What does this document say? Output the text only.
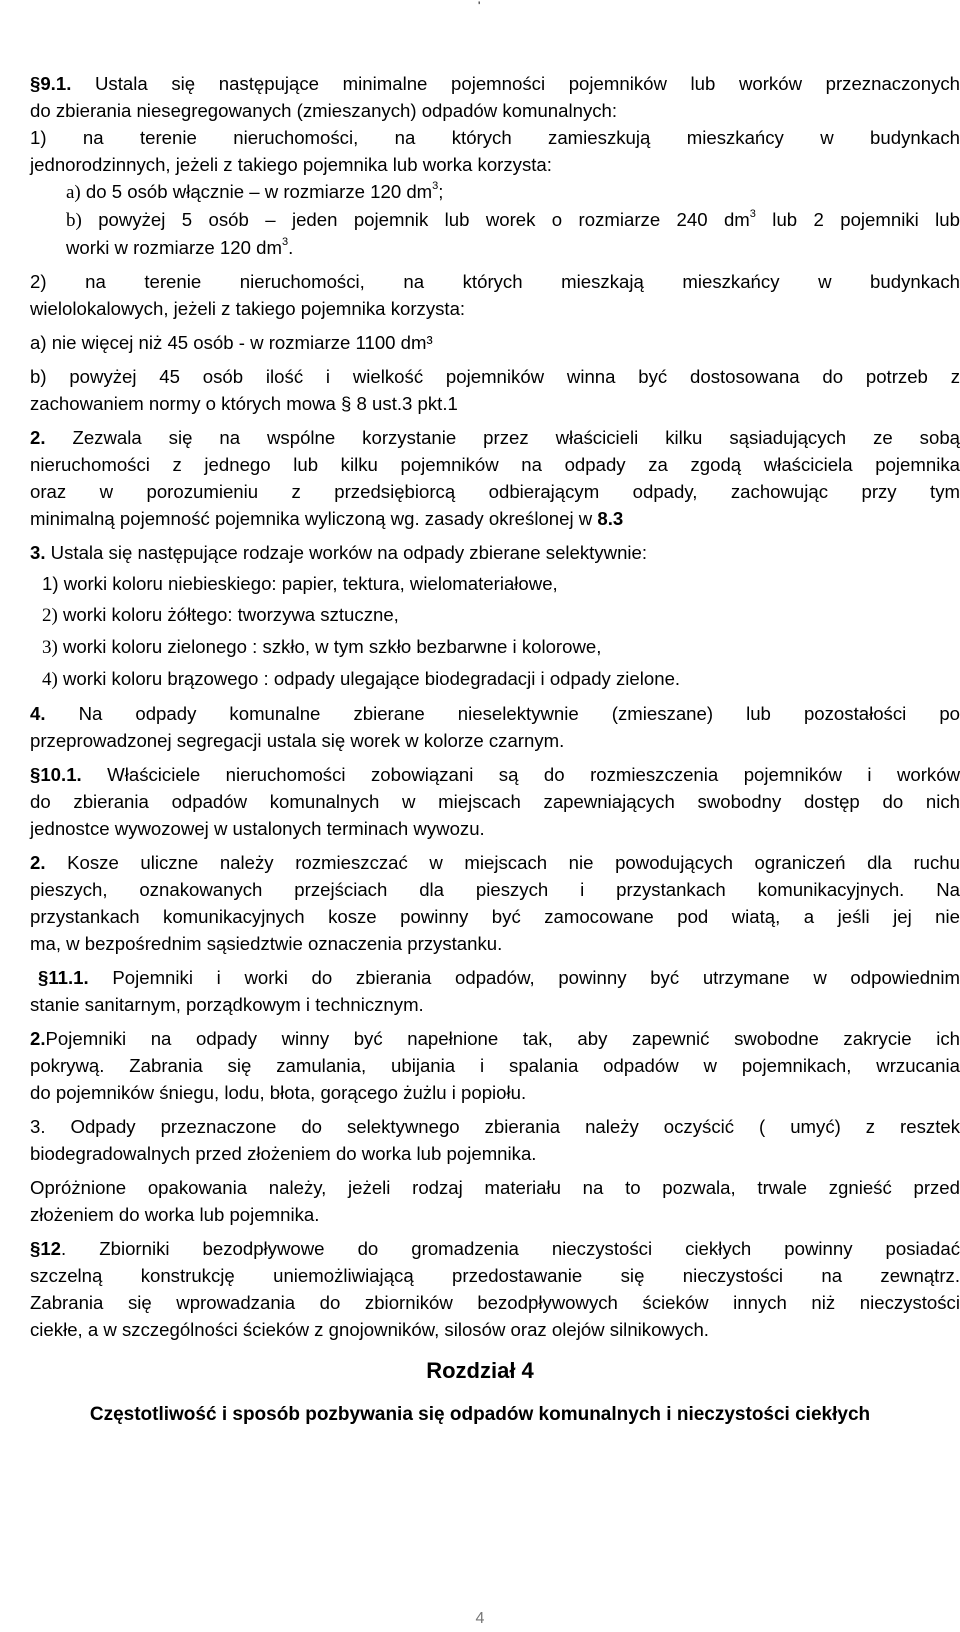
'

§9.1. Ustala się następujące minimalne pojemności pojemników lub worków przeznaczonych

do zbierania niesegregowanych (zmieszanych) odpadów komunalnych:

1) na terenie nieruchomości, na których zamieszkują mieszkańcy w budynkach

jednorodzinnych, jeżeli z takiego pojemnika lub worka korzysta:

a) do 5 osób włącznie – w rozmiarze 120 $dm^3$;

b) powyżej 5 osób – jeden pojemnik lub worek o rozmiarze 240 $dm^3$ lub 2 pojemniki lub

worki w rozmiarze 120 $dm^3$.

2) na terenie nieruchomości, na których mieszkają mieszkańcy w budynkach

wielolokalowych, jeżeli z takiego pojemnika korzysta:

a) nie więcej niż 45 osób - w rozmiarze 1100 dm³

b) powyżej 45 osób ilość i wielkość pojemników winna być dostosowana do potrzeb z

zachowaniem normy o których mowa § 8 ust.3 pkt.1

2. Zezwala się na wspólne korzystanie przez właścicieli kilku sąsiadujących ze sobą

nieruchomości z jednego lub kilku pojemników na odpady za zgodą właściciela pojemnika

oraz w porozumieniu z przedsiębiorcą odbierającym odpady, zachowując przy tym

minimalną pojemność pojemnika wyliczoną wg. zasady określonej w 8.3

3. Ustala się następujące rodzaje worków na odpady zbierane selektywnie:

1) worki koloru niebieskiego: papier, tektura, wielomateriałowe,

2) worki koloru żółtego: tworzywa sztuczne,

3) worki koloru zielonego : szkło, w tym szkło bezbarwne i kolorowe,

4) worki koloru brązowego : odpady ulegające biodegradacji i odpady zielone.

4. Na odpady komunalne zbierane nieselektywnie (zmieszane) lub pozostałości po

przeprowadzonej segregacji ustala się worek w kolorze czarnym.

§10.1. Właściciele nieruchomości zobowiązani są do rozmieszczenia pojemników i worków

do zbierania odpadów komunalnych w miejscach zapewniających swobodny dostęp do nich

jednostce wywozowej w ustalonych terminach wywozu.

2. Kosze uliczne należy rozmieszczać w miejscach nie powodujących ograniczeń dla ruchu

pieszych, oznakowanych przejściach dla pieszych i przystankach komunikacyjnych. Na

przystankach komunikacyjnych kosze powinny być zamocowane pod wiatą, a jeśli jej nie

ma, w bezpośrednim sąsiedztwie oznaczenia przystanku.

§11.1. Pojemniki i worki do zbierania odpadów, powinny być utrzymane w odpowiednim

stanie sanitarnym, porządkowym i technicznym.

2.Pojemniki na odpady winny być napełnione tak, aby zapewnić swobodne zakrycie ich

pokrywą. Zabrania się zamulania, ubijania i spalania odpadów w pojemnikach, wrzucania

do pojemników śniegu, lodu, błota, gorącego żużlu i popiołu.

3. Odpady przeznaczone do selektywnego zbierania należy oczyścić ( umyć) z resztek

biodegradowalnych przed złożeniem do worka lub pojemnika.

Opróżnione opakowania należy, jeżeli rodzaj materiału na to pozwala, trwale zgnieść przed

złożeniem do worka lub pojemnika.

§12. Zbiorniki bezodpływowe do gromadzenia nieczystości ciekłych powinny posiadać

szczelną konstrukcję uniemożliwiającą przedostawanie się nieczystości na zewnątrz.

Zabrania się wprowadzania do zbiorników bezodpływowych ścieków innych niż nieczystości

ciekłe, a w szczególności ścieków z gnojowników, silosów oraz olejów silnikowych.

Rozdział 4
Częstotliwość i sposób pozbywania się odpadów komunalnych i nieczystości ciekłych
4
